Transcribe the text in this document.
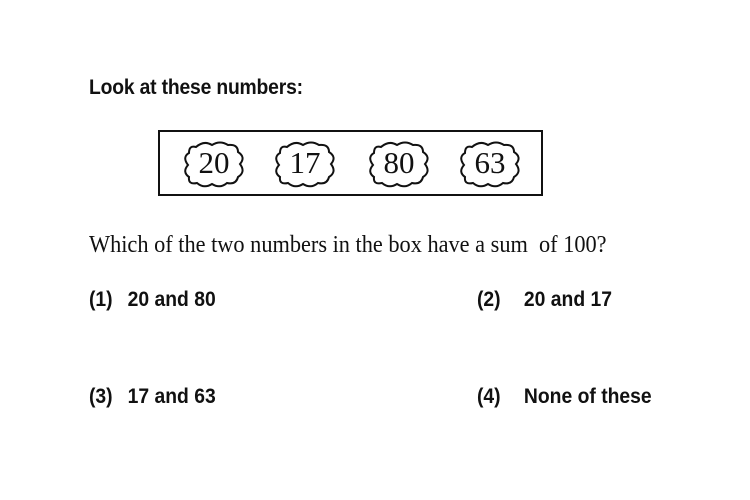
Look at these numbers:
20	17	80	63
Which of the two numbers in the box have a sum  of 100?
(1) 20 and 80	(2) 20 and 17
(3) 17 and 63	(4) None of these
